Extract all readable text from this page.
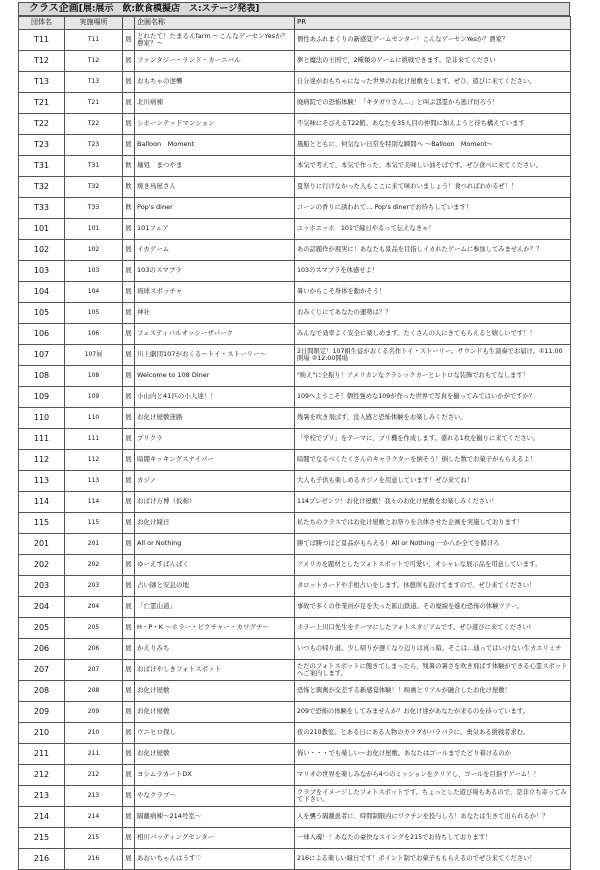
クラス企画[展:展示　飲:飲食模擬店　ス:ステージ発表]
団体名	実施場所		企画名称	PR
T11	T11	展	とれたて！たまるんfarm ～こんなゲーセンYesか？農家？～	個性あふれまくりの新感覚ゲームセンター！こんなゲーセンYesか？農家？
T12	T12	展	ファンタジー・ランド・カーニバル	夢と魔法の王国で、2種類のゲームに挑戦できます。是非来てください
T13	T13	展	おもちゃの逆襲	自分達がおもちゃになった世界のお化け屋敷をします。ぜひ、遊びに来てください。
T21	T21	展	北川病棟	廃病院での恐怖体験！「キタガワさん…」と叫ぶ怨霊から逃げ切ろう！
T22	T22	展	シホーンテッドマンション	不気味にそびえるT22館。あなたを35人目の仲間に加えようと待ち構えています
T23	T23	展	Balloon　Moment	風船とともに、何気ない日常を特別な瞬間へ ～Balloon　Moment～
T31	T31	飲	麺処　まつやま	本気で考えて、本気で作った、本気で美味しい油そばです。ぜひ食べに来てください。
T32	T32	飲	焼き鳥屋さん	夏祭りに行けなかった人もここに来て味わいましょう！食べればわかるぜ！！
T33	T33	飲	Pop's diner	コーンの香りに誘われて… Pop's dinerでお待ちしています！
101	101	展	101フェア	エッホエッホ　101で縁日やるって伝えなきゃ！
102	102	展	イカゲーム	あの話題作が現実に！あなたも景品を目指しイカれたゲームに参加してみませんか？？
103	103	展	103のスマブラ	103のスマブラを体感せよ！
104	104	展	琉球スポッチャ	暑いからこそ身体を動かそう！
105	105	展	神社	おみくじにてあなたの運勢は？？
106	106	展	フェスティバルオッシーザパーク	みんなで効率よく安全に楽しめます。たくさんの人にきてもらえると嬉しいです！！
107	107展	展	川上劇団107がおくる～トイ・ストーリー～	2日間限定！107組生徒がおくる名作トイ・ストーリー。サウンドも生演奏でお届け。①11:00開場 ②12:00開場
108	108	展	Welcome to 108 Diner	"映え"に全振り！アメリカンなクラシックカーとレトロな装飾でおもてなします！
109	109	展	小山内と41匹の小人達！！	109へようこそ！個性強めな109が作った世界で写真を撮ってみてはいかがですか？
110	110	展	お化け屋敷迷路	残暑を吹き飛ばす、没入感と恐怖体験をお楽しみください。
111	111	展	プリクラ	「学校でプリ」をテーマに、プリ機を作成します。盛れる1枚を撮りに来てください。
112	112	展	暗闇キッキングスナイパー	暗闇でなるべくたくさんのキャラクターを倒そう！倒した数でお菓子がもらえるよ！
113	113	展	カジノ	大人も子供も楽しめるカジノを用意しています！ぜひ来てね！
114	114	展	おばけ万博（仮称）	114プレゼンツ！お化け屋敷！我々のお化け屋敷をお楽しみください！
115	115	展	お化け縁日	私たちのクラスではお化け屋敷とお祭りを合体させた企画を実施しております！
201	201	展	All or Nothing	勝てば勝つほど景品がもらえる！All or Nothing 一か八か全てを賭けろ
202	202	展	ゆーえすばんばく	アメリカを題材としたフォトスポットで可愛い、オシャレな展示品を用意しています。
203	203	展	占い師と安息の地	タロットカードや手相占いをします。休憩所も設けてますので、ぜひ来てください！
204	204	展	「亡霊山道」	事故で多くの作業員が足を失った鉱山鉄道。その廃線を進む恐怖の体験ツアー。
205	205	展	H・P・K ～ホラー・ピクチャー・カワグチ～	ホラー上川口先生をテーマにしたフォトスタジアムです。ぜひ遊びに来てください!
206	206	展	かえりみち	いつもの帰り道。少し帰りが遅くなり辺りは真っ暗。そこは…通ってはいけない生カエリミチ
207	207	展	おばけやしきフォトスポット	ただのフォトスポットに飽きてしまったら、残暑の暑さを吹き飛ばす体験ができる心霊スポットへご案内します。
208	208	展	お化け屋敷	恐怖と興奮が交差する新感覚体験！！映画とリアルが融合したお化け屋敷！
209	209	展	お化け屋敷	209で恐怖の体験をしてみませんか？お化け達があなたが来るのを待っています。
210	210	展	ウニヒロ探し	夜の210教室。とある日にある人物のカラダがバラバラに。勇気ある挑戦者求む。
211	211	展	お化け屋敷	怖い・・・でも楽しい～お化け屋敷。あなたはゴールまでたどり着けるのか
212	212	展	ヨシムラカートDX	マリオの世界を楽しみながら4つのミッションをクリアし、ゴールを目指すゲーム！！
213	213	展	やなクラブ～	クラブをイメージしたフォトスポットです。ちょっとした遊び場もあるので、是非立ち寄ってみて下さい。
214	214	展	隔離病棟～214号室～	人を襲う隔離患者に、時間制限内にワクチンを投与しろ！あなたは生きて出られるか！？
215	215	展	相川バッティングセンター	一球入魂！！あなたの豪快なスイングを215でお待ちしております！
216	216	展	あおいちゃんはうす♡	216による楽しい縁日です！ポイント制でお菓子ももらえるのでぜひ来てください！
